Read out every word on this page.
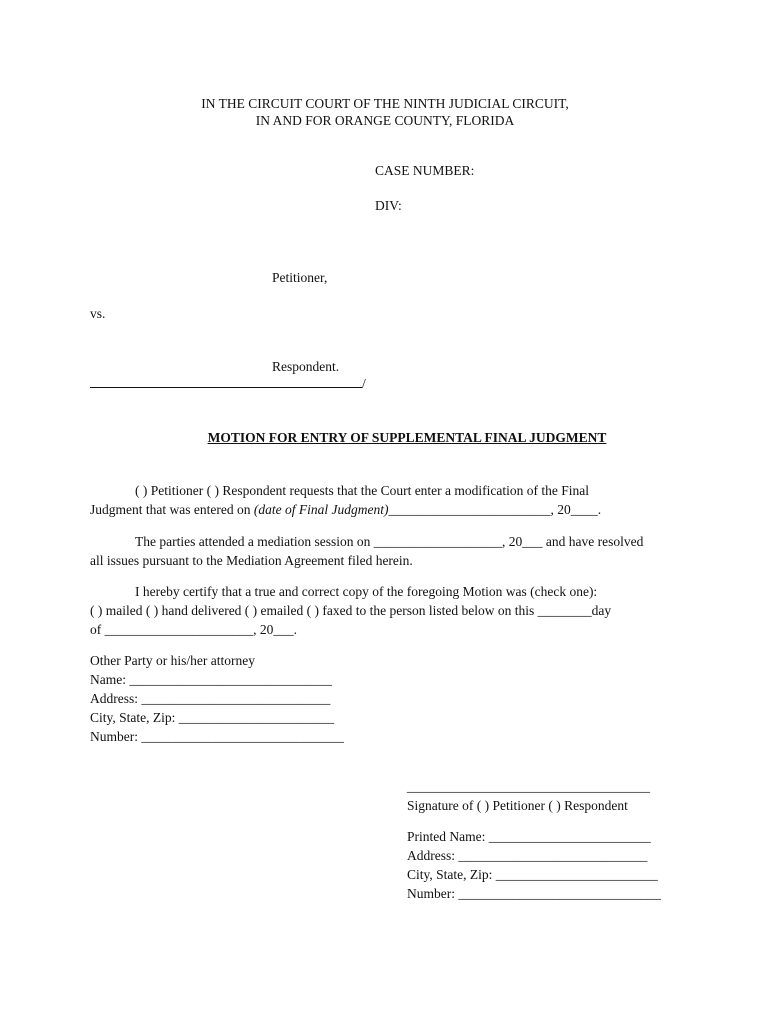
IN THE CIRCUIT COURT OF THE NINTH JUDICIAL CIRCUIT,
IN AND FOR ORANGE COUNTY, FLORIDA
CASE NUMBER:
DIV:
Petitioner,
vs.
Respondent.
/
MOTION FOR ENTRY OF SUPPLEMENTAL FINAL JUDGMENT
( ) Petitioner ( ) Respondent requests that the Court enter a modification of the Final
Judgment that was entered on (date of Final Judgment)________________________, 20____.
The parties attended a mediation session on ___________________, 20___ and have resolved
all issues pursuant to the Mediation Agreement filed herein.
I hereby certify that a true and correct copy of the foregoing Motion was (check one):
( ) mailed ( ) hand delivered ( ) emailed ( ) faxed to the person listed below on this ________day
of ______________________, 20___.
Other Party or his/her attorney
Name: ______________________________
Address: ____________________________
City, State, Zip: _______________________
Number: ______________________________
____________________________________
Signature of ( ) Petitioner ( ) Respondent
Printed Name: ________________________
Address: ____________________________
City, State, Zip: ________________________
Number: ______________________________
